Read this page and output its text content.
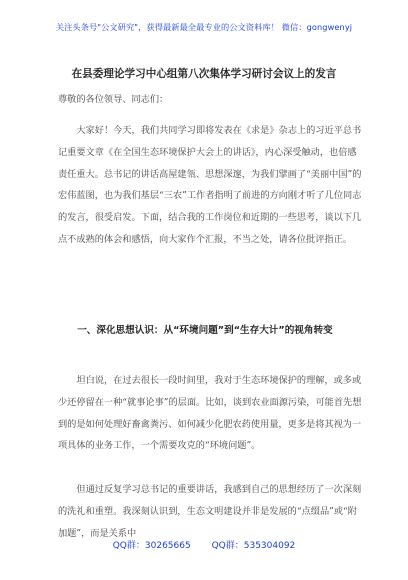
关注头条号"公文研究"，获得最新最全最专业的公文资料库！ 微信：gongwenyj
在县委理论学习中心组第八次集体学习研讨会议上的发言
尊敬的各位领导、同志们：
大家好！今天，我们共同学习即将发表在《求是》杂志上的习近平总书记重要文章《在全国生态环境保护大会上的讲话》，内心深受触动，也倍感责任重大。总书记的讲话高屋建瓴、思想深邃，为我们擘画了“美丽中国”的宏伟蓝图，也为我们基层“三农”工作者指明了前进的方向刚才听了几位同志的发言，很受启发。下面，结合我的工作岗位和近期的一些思考，谈以下几点不成熟的体会和感悟，向大家作个汇报，不当之处，请各位批评指正。
一、深化思想认识：从“环境问题”到“生存大计”的视角转变
坦白说，在过去很长一段时间里，我对于生态环境保护的理解，或多或少还停留在一种“就事论事”的层面。比如，谈到农业面源污染，可能首先想到的是如何处理好畜禽粪污、如何减少化肥农药使用量，更多是将其视为一项具体的业务工作，一个需要攻克的“环境问题”。
但通过反复学习总书记的重要讲话，我感到自己的思想经历了一次深刻的洗礼和重塑。我深刻认识到，生态文明建设并非是发展的“点缀品”或“附加题”，而是关系中
QQ群：30265665 QQ群：535304092
